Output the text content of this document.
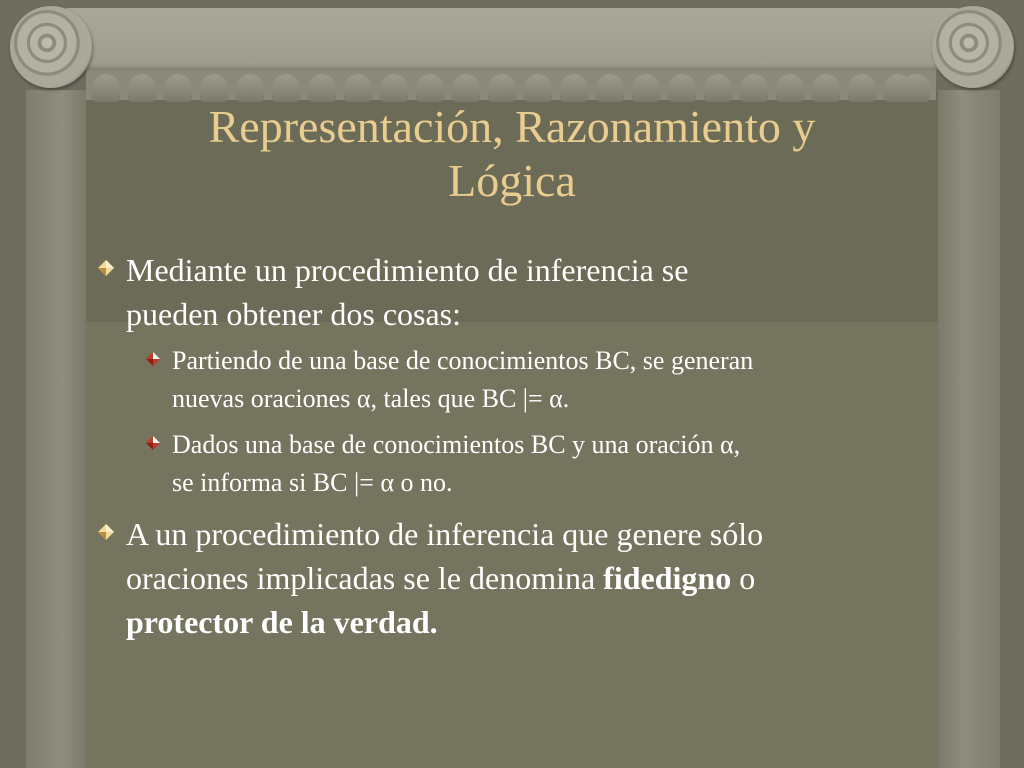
Representación, Razonamiento y
Lógica
Mediante un procedimiento de inferencia se
pueden obtener dos cosas:
Partiendo de una base de conocimientos BC, se generan
nuevas oraciones α, tales que BC |= α.
Dados una base de conocimientos BC y una oración α,
se informa si BC |= α o no.
A un procedimiento de inferencia que genere sólo
oraciones implicadas se le denomina fidedigno o
protector de la verdad.
